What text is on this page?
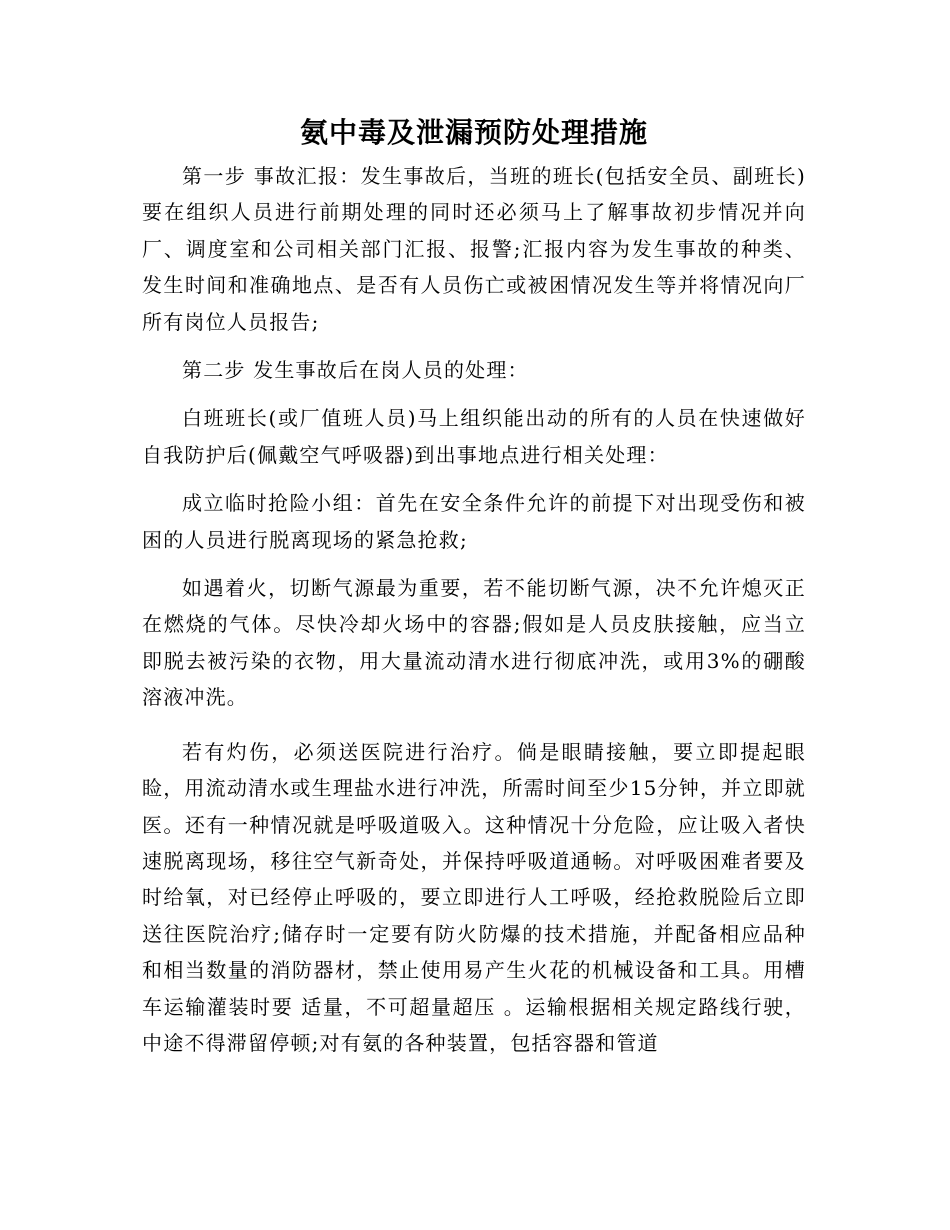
氨中毒及泄漏预防处理措施

第一步 事故汇报：发生事故后，当班的班长(包括安全员、副班长)要在组织人员进行前期处理的同时还必须马上了解事故初步情况并向厂、调度室和公司相关部门汇报、报警;汇报内容为发生事故的种类、发生时间和准确地点、是否有人员伤亡或被困情况发生等并将情况向厂所有岗位人员报告;

第二步 发生事故后在岗人员的处理：

白班班长(或厂值班人员)马上组织能出动的所有的人员在快速做好自我防护后(佩戴空气呼吸器)到出事地点进行相关处理：

成立临时抢险小组：首先在安全条件允许的前提下对出现受伤和被困的人员进行脱离现场的紧急抢救;

如遇着火，切断气源最为重要，若不能切断气源，决不允许熄灭正在燃烧的气体。尽快冷却火场中的容器;假如是人员皮肤接触，应当立即脱去被污染的衣物，用大量流动清水进行彻底冲洗，或用3%的硼酸溶液冲洗。

若有灼伤，必须送医院进行治疗。倘是眼睛接触，要立即提起眼睑，用流动清水或生理盐水进行冲洗，所需时间至少15分钟，并立即就医。还有一种情况就是呼吸道吸入。这种情况十分危险，应让吸入者快速脱离现场，移往空气新奇处，并保持呼吸道通畅。对呼吸困难者要及时给氧，对已经停止呼吸的，要立即进行人工呼吸，经抢救脱险后立即送往医院治疗;储存时一定要有防火防爆的技术措施，并配备相应品种和相当数量的消防器材，禁止使用易产生火花的机械设备和工具。用槽车运输灌装时要 适量，不可超量超压 。运输根据相关规定路线行驶，中途不得滞留停顿;对有氨的各种装置，包括容器和管道
